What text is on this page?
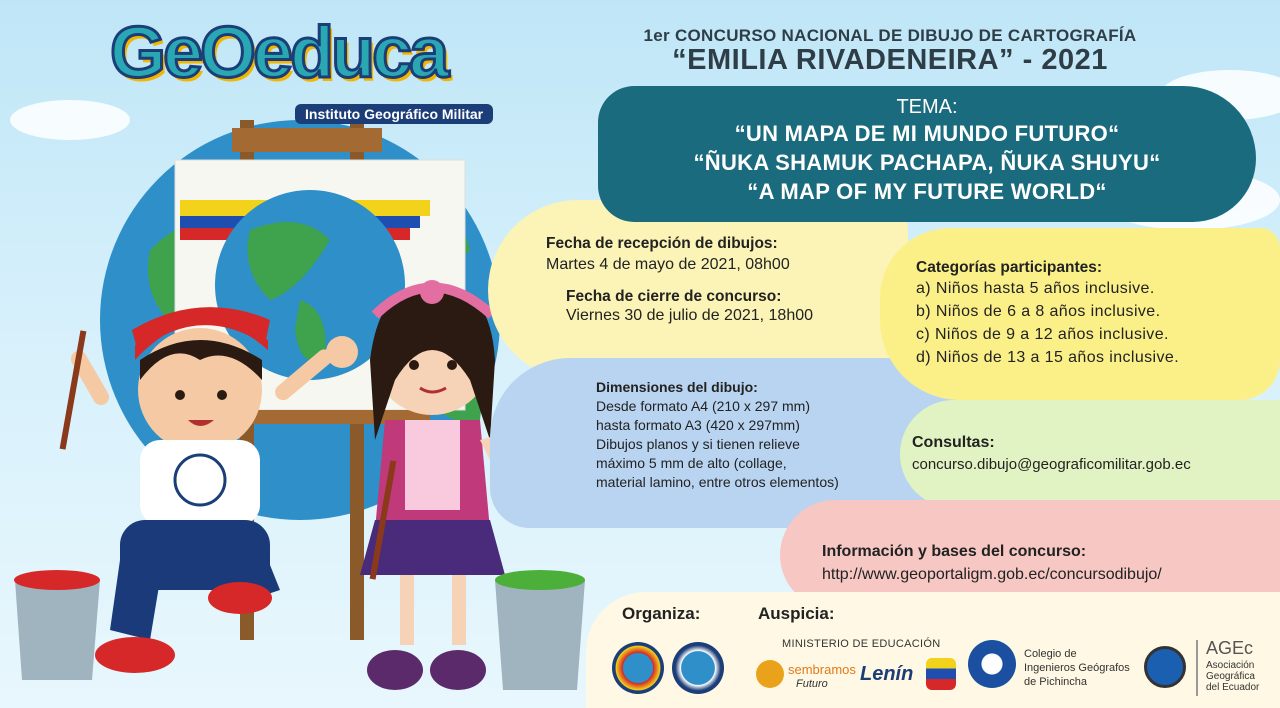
GeOeduca
Instituto Geográfico Militar
1er CONCURSO NACIONAL DE DIBUJO DE CARTOGRAFÍA
“EMILIA RIVADENEIRA” - 2021
TEMA:
“UN MAPA DE MI MUNDO FUTURO“
“ÑUKA SHAMUK PACHAPA, ÑUKA SHUYU“
“A MAP OF MY FUTURE WORLD“
Fecha de recepción de dibujos:
Martes 4 de mayo de 2021, 08h00
Fecha de cierre de concurso:
Viernes 30 de julio de 2021, 18h00
Categorías participantes:
a) Niños hasta 5 años inclusive.
b) Niños de 6 a 8 años inclusive.
c) Niños de 9 a 12 años inclusive.
d) Niños de 13 a 15 años inclusive.
Dimensiones del dibujo:
Desde formato A4 (210 x 297 mm)
hasta formato A3 (420 x 297mm)
Dibujos planos y si tienen relieve
máximo 5 mm de alto (collage,
material lamino, entre otros elementos)
Consultas:
concurso.dibujo@geograficomilitar.gob.ec
Información y bases del concurso:
http://www.geoportaligm.gob.ec/concursodibujo/
Organiza:	Auspicia:
MINISTERIO DE EDUCACIÓN
sembramos
Futuro Lenín
Colegio de
Ingenieros Geógrafos
de Pichincha
AGEc
Asociación
Geográfica
del Ecuador
